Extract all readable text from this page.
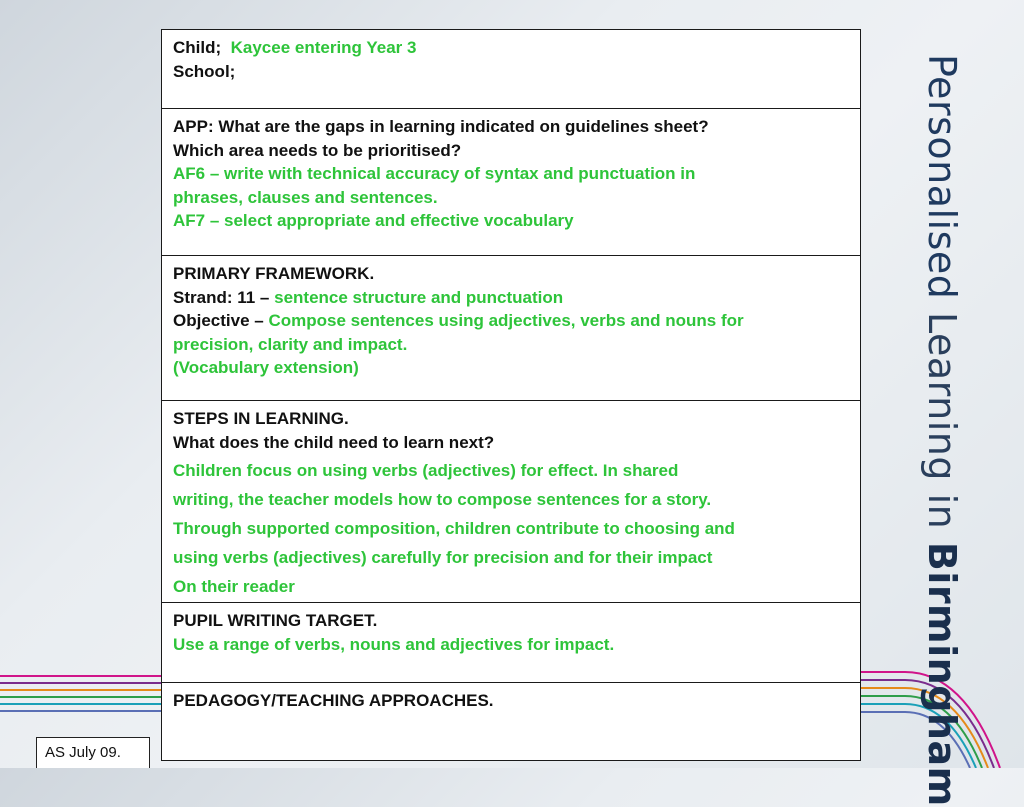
Child; Kaycee entering Year 3
School;
APP: What are the gaps in learning indicated on guidelines sheet?
Which area needs to be prioritised?
AF6 – write with technical accuracy of syntax and punctuation in
phrases, clauses and sentences.
AF7 – select appropriate and effective vocabulary
PRIMARY FRAMEWORK.
Strand: 11 – sentence structure and punctuation
Objective – Compose sentences using adjectives, verbs and nouns for
precision, clarity and impact.
(Vocabulary extension)
STEPS IN LEARNING.
What does the child need to learn next?
Children focus on using verbs (adjectives) for effect. In shared
writing, the teacher models how to compose sentences for a story.
Through supported composition, children contribute to choosing and
using verbs (adjectives) carefully for precision and for their impact
On their reader
PUPIL WRITING TARGET.
Use a range of verbs, nouns and adjectives for impact.
PEDAGOGY/TEACHING APPROACHES.
AS July 09.
Personalised Learning in Birmingham
